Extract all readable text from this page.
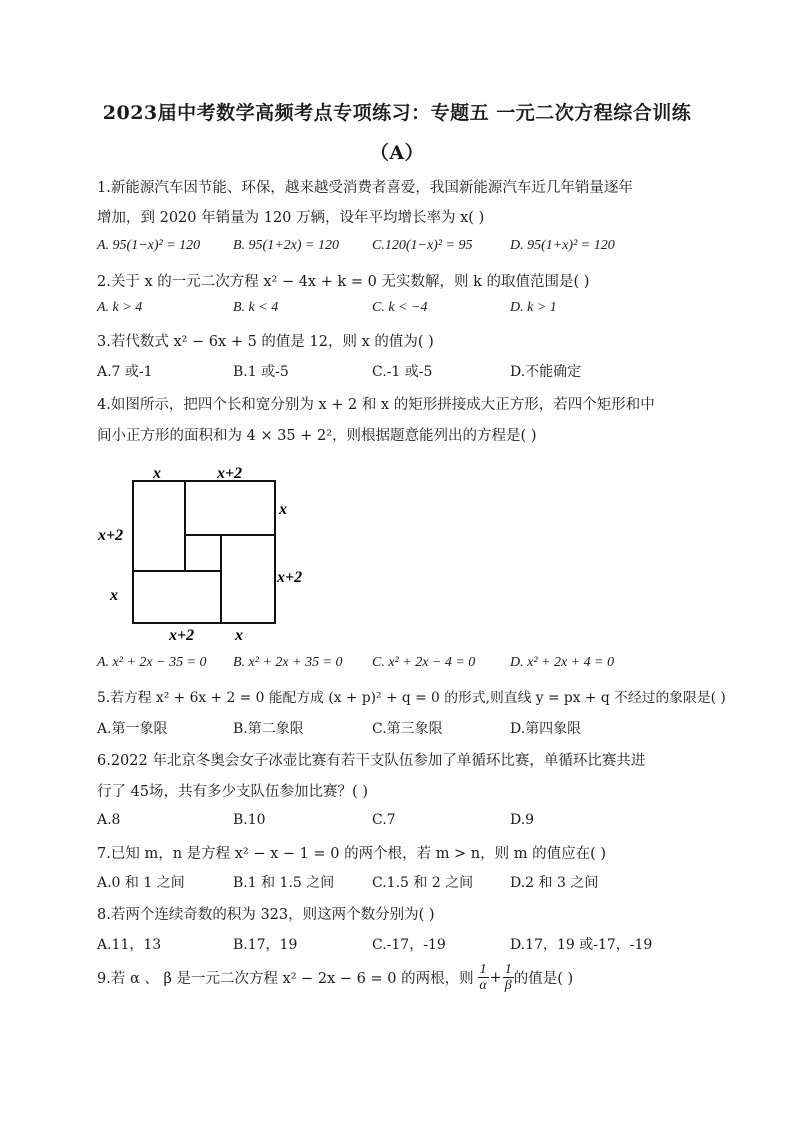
2023届中考数学高频考点专项练习：专题五 一元二次方程综合训练
（A）
1.新能源汽车因节能、环保，越来越受消费者喜爱，我国新能源汽车近几年销量逐年
增加，到 2020 年销量为 120 万辆，设年平均增长率为 x( )
A. 95(1−x)² = 120 B. 95(1+2x) = 120 C.120(1−x)² = 95	D. 95(1+x)² = 120
2.关于 x 的一元二次方程 x² − 4x + k = 0 无实数解，则 k 的取值范围是( )
A. k > 4	B. k < 4	C. k < −4	D. k > 1
3.若代数式 x² − 6x + 5 的值是 12，则 x 的值为( )
A.7 或-1	B.1 或-5	C.-1 或-5	D.不能确定
4.如图所示，把四个长和宽分别为 x + 2 和 x 的矩形拼接成大正方形，若四个矩形和中
间小正方形的面积和为 4 × 35 + 2²，则根据题意能列出的方程是( )
x	x+2
x+2
x
x
x+2
x+2	x
A. x² + 2x − 35 = 0 B. x² + 2x + 35 = 0 C. x² + 2x − 4 = 0 D. x² + 2x + 4 = 0
5.若方程 x² + 6x + 2 = 0 能配方成 (x + p)² + q = 0 的形式,则直线 y = px + q 不经过的象限是( )
A.第一象限	B.第二象限	C.第三象限	D.第四象限
6.2022 年北京冬奥会女子冰壶比赛有若干支队伍参加了单循环比赛，单循环比赛共进
行了 45场，共有多少支队伍参加比赛？( )
A.8	B.10	C.7	D.9
7.已知 m，n 是方程 x² − x − 1 = 0 的两个根，若 m > n，则 m 的值应在( )
A.0 和 1 之间	B.1 和 1.5 之间	C.1.5 和 2 之间	D.2 和 3 之间
8.若两个连续奇数的积为 323，则这两个数分别为( )
A.11，13	B.17，19	C.-17，-19	D.17，19 或-17，-19
9.若 α 、 β 是一元二次方程 x² − 2x − 6 = 0 的两根，则 $\frac{1}{\alpha} + \frac{1}{\beta}$ 的值是( )
